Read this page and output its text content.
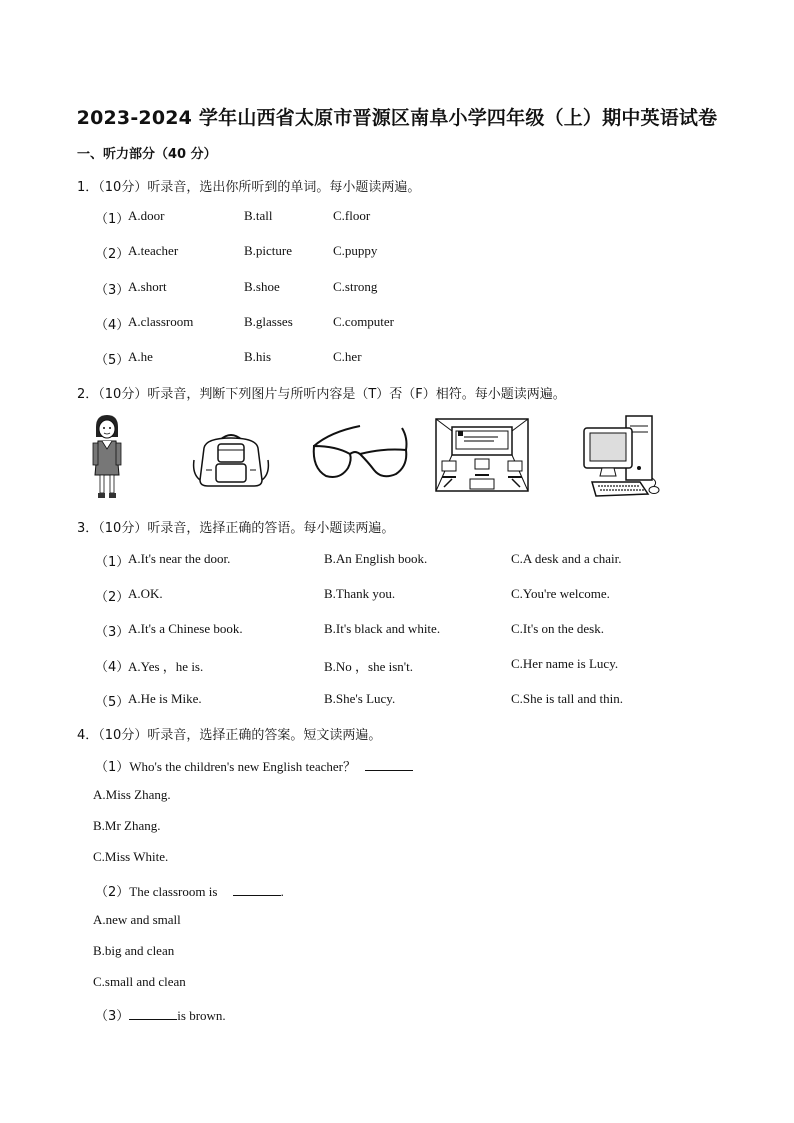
2023-2024 学年山西省太原市晋源区南阜小学四年级（上）期中英语试卷
一、听力部分（40 分）
1．（10分）听录音，选出你所听到的单词。每小题读两遍。
（1）
A.door	B.tall	C.floor
（2）
A.teacher	B.picture	C.puppy
（3）
A.short	B.shoe	C.strong
（4）
A.classroom	B.glasses	C.computer
（5）
A.he	B.his	C.her
2．（10分）听录音，判断下列图片与所听内容是（T）否（F）相符。每小题读两遍。
3．（10分）听录音，选择正确的答语。每小题读两遍。
（1）
A.It's near the door.	B.An English book.	C.A desk and a chair.
（2）
A.OK.	B.Thank you.	C.You're welcome.
（3）
A.It's a Chinese book.	B.It's black and white.	C.It's on the desk.
（4）
A.Yes ，he is.	B.No ，she isn't.	C.Her name is Lucy.
（5）
A.He is Mike.	B.She's Lucy.	C.She is tall and thin.
4．（10分）听录音，选择正确的答案。短文读两遍。
（1）Who's the children's new English teacher？
A.Miss Zhang.
B.Mr Zhang.
C.Miss White.
（2）The classroom is	.
A.new and small
B.big and clean
C.small and clean
（3）	is brown.
